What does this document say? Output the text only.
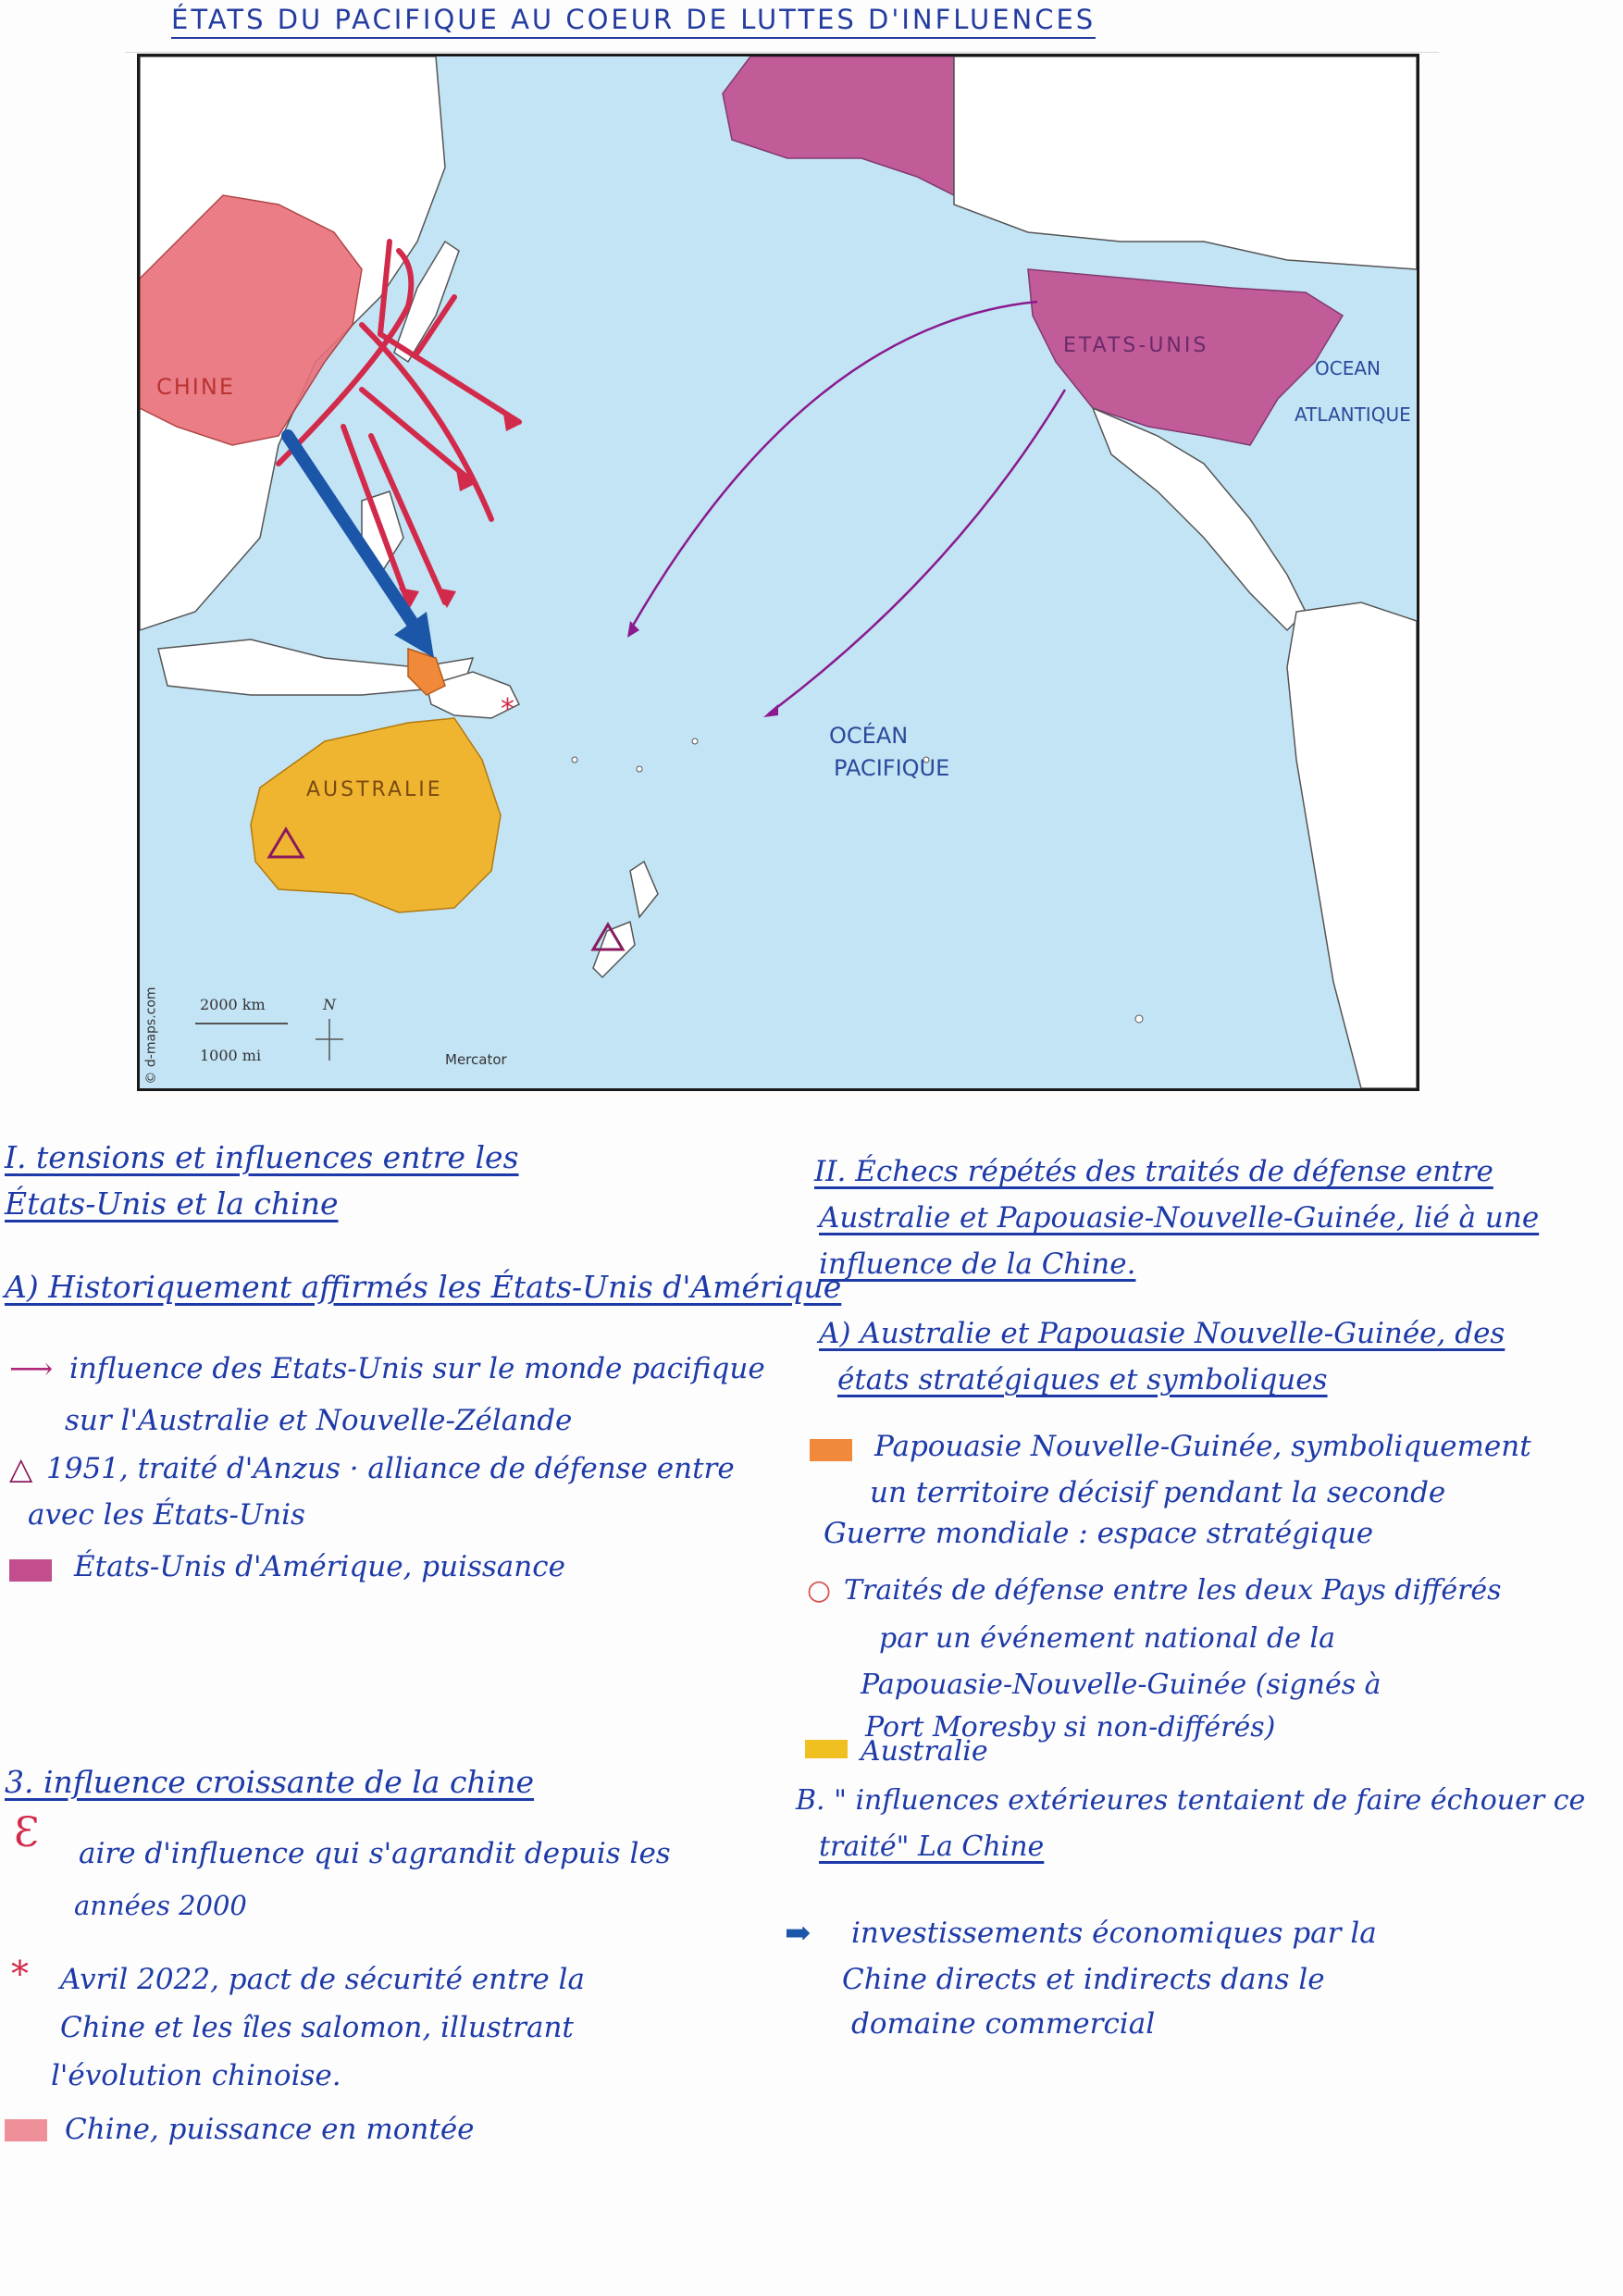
ÉTATS DU PACIFIQUE AU COEUR DE LUTTES D'INFLUENCES
*
CHINE
ETATS-UNIS
AUSTRALIE
OCEAN
ATLANTIQUE
OCÉAN
PACIFIQUE
2000 km
1000 mi
N
Mercator
© d-maps.com
I. tensions et influences entre les
États-Unis et la chine
A) Historiquement affirmés les États-Unis d'Amérique
⟶ influence des Etats-Unis sur le monde pacifique
sur l'Australie et Nouvelle-Zélande
△ 1951, traité d'Anzus · alliance de défense entre
avec les États-Unis
États-Unis d'Amérique, puissance
3. influence croissante de la chine
Ɛ aire d'influence qui s'agrandit depuis les
années 2000
* Avril 2022, pact de sécurité entre la
Chine et les îles salomon, illustrant
l'évolution chinoise.
Chine, puissance en montée
II. Échecs répétés des traités de défense entre
Australie et Papouasie-Nouvelle-Guinée, lié à une
influence de la Chine.
A) Australie et Papouasie Nouvelle-Guinée, des
états stratégiques et symboliques
Papouasie Nouvelle-Guinée, symboliquement
un territoire décisif pendant la seconde
Guerre mondiale : espace stratégique
○ Traités de défense entre les deux Pays différés
par un événement national de la
Papouasie-Nouvelle-Guinée (signés à
Port Moresby si non-différés)
Australie
B. " influences extérieures tentaient de faire échouer ce
traité" La Chine
➡ investissements économiques par la
Chine directs et indirects dans le
domaine commercial
